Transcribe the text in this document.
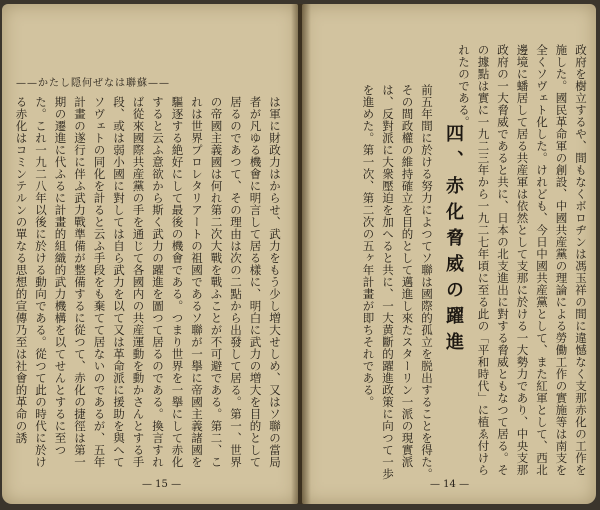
——かたし隠何ぜなは聯蘇——
は軍に財政力はからせ、武力をもう少し増大せしめ、又はソ聯の當局者が凡ゆる機會に明言して居る樣に、明白に武力の増大を目的として居るのであつて、その理由は次の二點から出發して居る。第一、世界の帝國主義國は何れ第二次大戰を戰ふことが不可避である。第二、これは世界プロレタリアートの祖國であるソ聯が一擧に帝國主義諸國を驅逐する絶好にして最後の機會である。つまり世界を一擧にして赤化すると云ふ意欲から斯く武力の躍進を圖つて居るのである。換言すれば從來國際共産黨の手を通じて各國内の共産運動を動かさんとする手段、或は弱小國に對しては自ら武力を以て又は革命派に援助を與へてソヴェトの同化を計ると云ふ手段をも棄てて居ないのであるが、五年計畫の遂行に伴ふ武力戰準備が整備するに從つて、赤化の捷徑は第一期の遷進に代ふるに計畫的組織的武力機構を以てせんとするに至つた。これ一九二八年以後に於ける動向である。從つて此の時代に於ける赤化はコミンテルンの單なる思想的宣傳乃至は社會的革命の誘
— 15 —
政府を樹立するや、間もなくボロヂンは馮玉祥の間に違憾なく支那赤化の工作を施した。國民革命軍の創設、中國共産黨の理論による勞働工作の實施等は南支を全くソヴェト化した。けれども、今日中國共産黨として、また紅軍として、西北邊境に蟠居して居る共産軍は依然として支那に於ける一大勢力であり、中央支那政府の一大脅威であると共に、日本の北支進出に對する脅威ともなつて居る。その據點は實に一九二三年から一九二七年頃に至る此の「平和時代」に植ゑ付けられたのである。
四、赤化脅威の躍進
前五年間に於ける努力によつてソ聯は國際的孤立を脱出することを得た。その間政權の維持確立を目的として邁進し來たスターリン一派の現實派は、反對派に大衆壓迫を加へると共に、一大黄斷的躍進政策に向つて一歩を進めた。第一次、第二次の五ヶ年計畫が即ちそれである。
— 14 —
